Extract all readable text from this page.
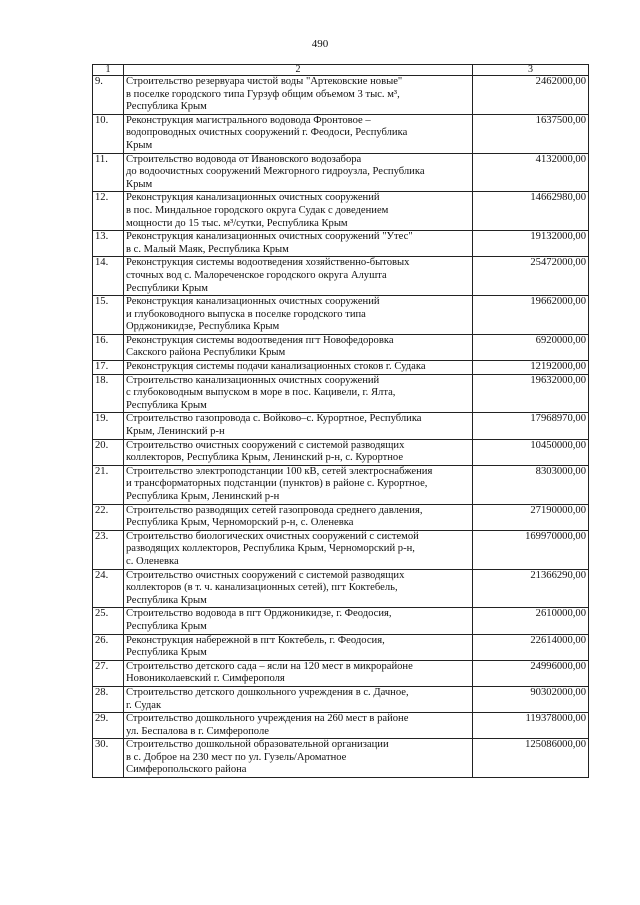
490
1	2	3
9.	Строительство резервуара чистой воды "Артековские новые"
в поселке городского типа Гурзуф общим объемом 3 тыс. м³,
Республика Крым	2462000,00
10.	Реконструкция магистрального водовода Фронтовое –
водопроводных очистных сооружений г. Феодоси, Республика
Крым	1637500,00
11.	Строительство водовода от Ивановского водозабора
до водоочистных сооружений Межгорного гидроузла, Республика
Крым	4132000,00
12.	Реконструкция канализационных очистных сооружений
в пос. Миндальное городского округа Судак с доведением
мощности до 15 тыс. м³/сутки, Республика Крым	14662980,00
13.	Реконструкция канализационных очистных сооружений "Утес"
в с. Малый Маяк, Республика Крым	19132000,00
14.	Реконструкция системы водоотведения хозяйственно-бытовых
сточных вод с. Малореченское городского округа Алушта
Республики Крым	25472000,00
15.	Реконструкция канализационных очистных сооружений
и глубоководного выпуска в поселке городского типа
Орджоникидзе, Республика Крым	19662000,00
16.	Реконструкция системы водоотведения пгт Новофедоровка
Сакского района Республики Крым	6920000,00
17.	Реконструкция системы подачи канализационных стоков г. Судака	12192000,00
18.	Строительство канализационных очистных сооружений
с глубоководным выпуском в море в пос. Кацивели, г. Ялта,
Республика Крым	19632000,00
19.	Строительство газопровода с. Войково–с. Курортное, Республика
Крым, Ленинский р-н	17968970,00
20.	Строительство очистных сооружений с системой разводящих
коллекторов, Республика Крым, Ленинский р-н, с. Курортное	10450000,00
21.	Строительство электроподстанции 100 кВ, сетей электроснабжения
и трансформаторных подстанции (пунктов) в районе с. Курортное,
Республика Крым, Ленинский р-н	8303000,00
22.	Строительство разводящих сетей газопровода среднего давления,
Республика Крым, Черноморский р-н, с. Оленевка	27190000,00
23.	Строительство биологических очистных сооружений с системой
разводящих коллекторов, Республика Крым, Черноморский р-н,
с. Оленевка	169970000,00
24.	Строительство очистных сооружений с системой разводящих
коллекторов (в т. ч. канализационных сетей), пгт Коктебель,
Республика Крым	21366290,00
25.	Строительство водовода в пгт Орджоникидзе, г. Феодосия,
Республика Крым	2610000,00
26.	Реконструкция набережной в пгт Коктебель, г. Феодосия,
Республика Крым	22614000,00
27.	Строительство детского сада – ясли на 120 мест в микрорайоне
Новониколаевский г. Симферополя	24996000,00
28.	Строительство детского дошкольного учреждения в с. Дачное,
г. Судак	90302000,00
29.	Строительство дошкольного учреждения на 260 мест в районе
ул. Беспалова в г. Симферополе	119378000,00
30.	Строительство дошкольной образовательной организации
в с. Доброе на 230 мест по ул. Гузель/Ароматное
Симферопольского района	125086000,00
